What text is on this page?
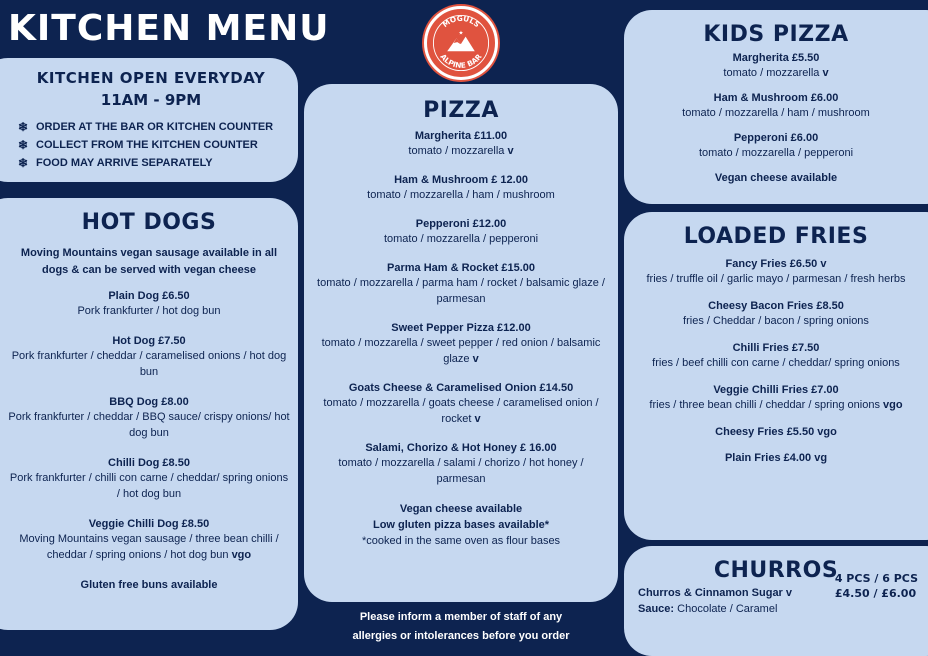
KITCHEN MENU	MOGULS
ALPINE BAR
★
KITCHEN OPEN EVERYDAY
11AM - 9PM
❄ ORDER AT THE BAR OR KITCHEN COUNTER
❄ COLLECT FROM THE KITCHEN COUNTER
❄ FOOD MAY ARRIVE SEPARATELY
HOT DOGS
Moving Mountains vegan sausage available in all dogs & can be served with vegan cheese
Plain Dog £6.50
Pork frankfurter / hot dog bun
Hot Dog £7.50
Pork frankfurter / cheddar / caramelised onions / hot dog bun
BBQ Dog £8.00
Pork frankfurter / cheddar / BBQ sauce/ crispy onions/ hot dog bun
Chilli Dog £8.50
Pork frankfurter / chilli con carne / cheddar/ spring onions / hot dog bun
Veggie Chilli Dog £8.50
Moving Mountains vegan sausage / three bean chilli / cheddar / spring onions / hot dog bun vgo
Gluten free buns available
PIZZA
Margherita £11.00
tomato / mozzarella v
Ham & Mushroom £ 12.00
tomato / mozzarella / ham / mushroom
Pepperoni £12.00
tomato / mozzarella / pepperoni
Parma Ham & Rocket £15.00
tomato / mozzarella / parma ham / rocket / balsamic glaze / parmesan
Sweet Pepper Pizza £12.00
tomato / mozzarella / sweet pepper / red onion / balsamic glaze v
Goats Cheese & Caramelised Onion £14.50
tomato / mozzarella / goats cheese / caramelised onion / rocket v
Salami, Chorizo & Hot Honey £ 16.00
tomato / mozzarella / salami / chorizo / hot honey / parmesan
Vegan cheese available
Low gluten pizza bases available*
*cooked in the same oven as flour bases
KIDS PIZZA
Margherita £5.50
tomato / mozzarella v
Ham & Mushroom £6.00
tomato / mozzarella / ham / mushroom
Pepperoni £6.00
tomato / mozzarella / pepperoni
Vegan cheese available
LOADED FRIES
Fancy Fries £6.50 v
fries / truffle oil / garlic mayo / parmesan / fresh herbs
Cheesy Bacon Fries £8.50
fries / Cheddar / bacon / spring onions
Chilli Fries £7.50
fries / beef chilli con carne / cheddar/ spring onions
Veggie Chilli Fries £7.00
fries / three bean chilli / cheddar / spring onions vgo
Cheesy Fries £5.50 vgo
Plain Fries £4.00 vg
CHURROS
Churros & Cinnamon Sugar v
Sauce: Chocolate / Caramel
4 PCS / 6 PCS
£4.50 / £6.00
Please inform a member of staff of any
allergies or intolerances before you order
